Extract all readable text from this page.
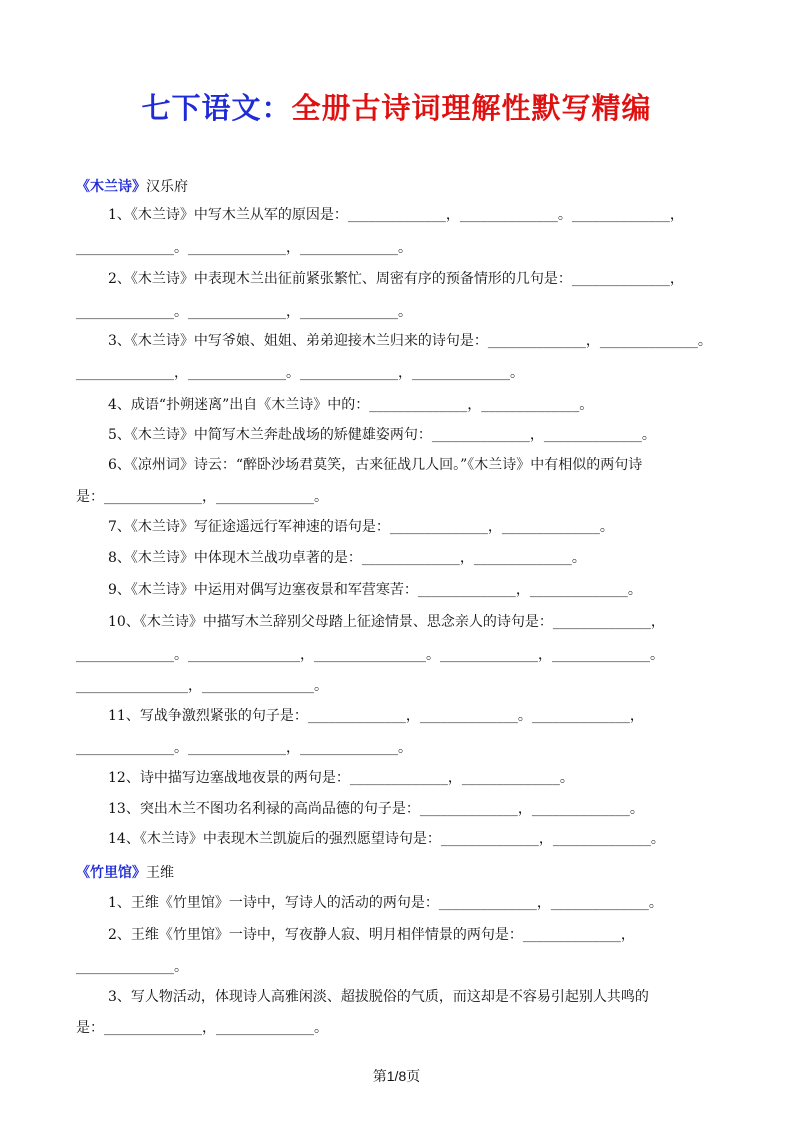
七下语文：全册古诗词理解性默写精编
《木兰诗》汉乐府
1、《木兰诗》中写木兰从军的原因是：______________，______________。______________，
______________。______________，______________。
2、《木兰诗》中表现木兰出征前紧张繁忙、周密有序的预备情形的几句是：______________，
______________。______________，______________。
3、《木兰诗》中写爷娘、姐姐、弟弟迎接木兰归来的诗句是：______________，______________。
______________，______________。______________，______________。
4、成语“扑朔迷离”出自《木兰诗》中的：______________，______________。
5、《木兰诗》中简写木兰奔赴战场的矫健雄姿两句：______________，______________。
6、《凉州词》诗云：“醉卧沙场君莫笑，古来征战几人回。”《木兰诗》中有相似的两句诗
是：______________，______________。
7、《木兰诗》写征途遥远行军神速的语句是：______________，______________。
8、《木兰诗》中体现木兰战功卓著的是：______________，______________。
9、《木兰诗》中运用对偶写边塞夜景和军营寒苦：______________，______________。
10、《木兰诗》中描写木兰辞别父母踏上征途情景、思念亲人的诗句是：______________，
______________。________________，________________。______________，______________。
________________，________________。
11、写战争激烈紧张的句子是：______________，______________。______________，
______________。______________，______________。
12、诗中描写边塞战地夜景的两句是：______________，______________。
13、突出木兰不图功名利禄的高尚品德的句子是：______________，______________。
14、《木兰诗》中表现木兰凯旋后的强烈愿望诗句是：______________，______________。
《竹里馆》王维
1、王维《竹里馆》一诗中，写诗人的活动的两句是：______________，______________。
2、王维《竹里馆》一诗中，写夜静人寂、明月相伴情景的两句是：______________，
______________。
3、写人物活动，体现诗人高雅闲淡、超拔脱俗的气质，而这却是不容易引起别人共鸣的
是：______________，______________。
第1/8页
